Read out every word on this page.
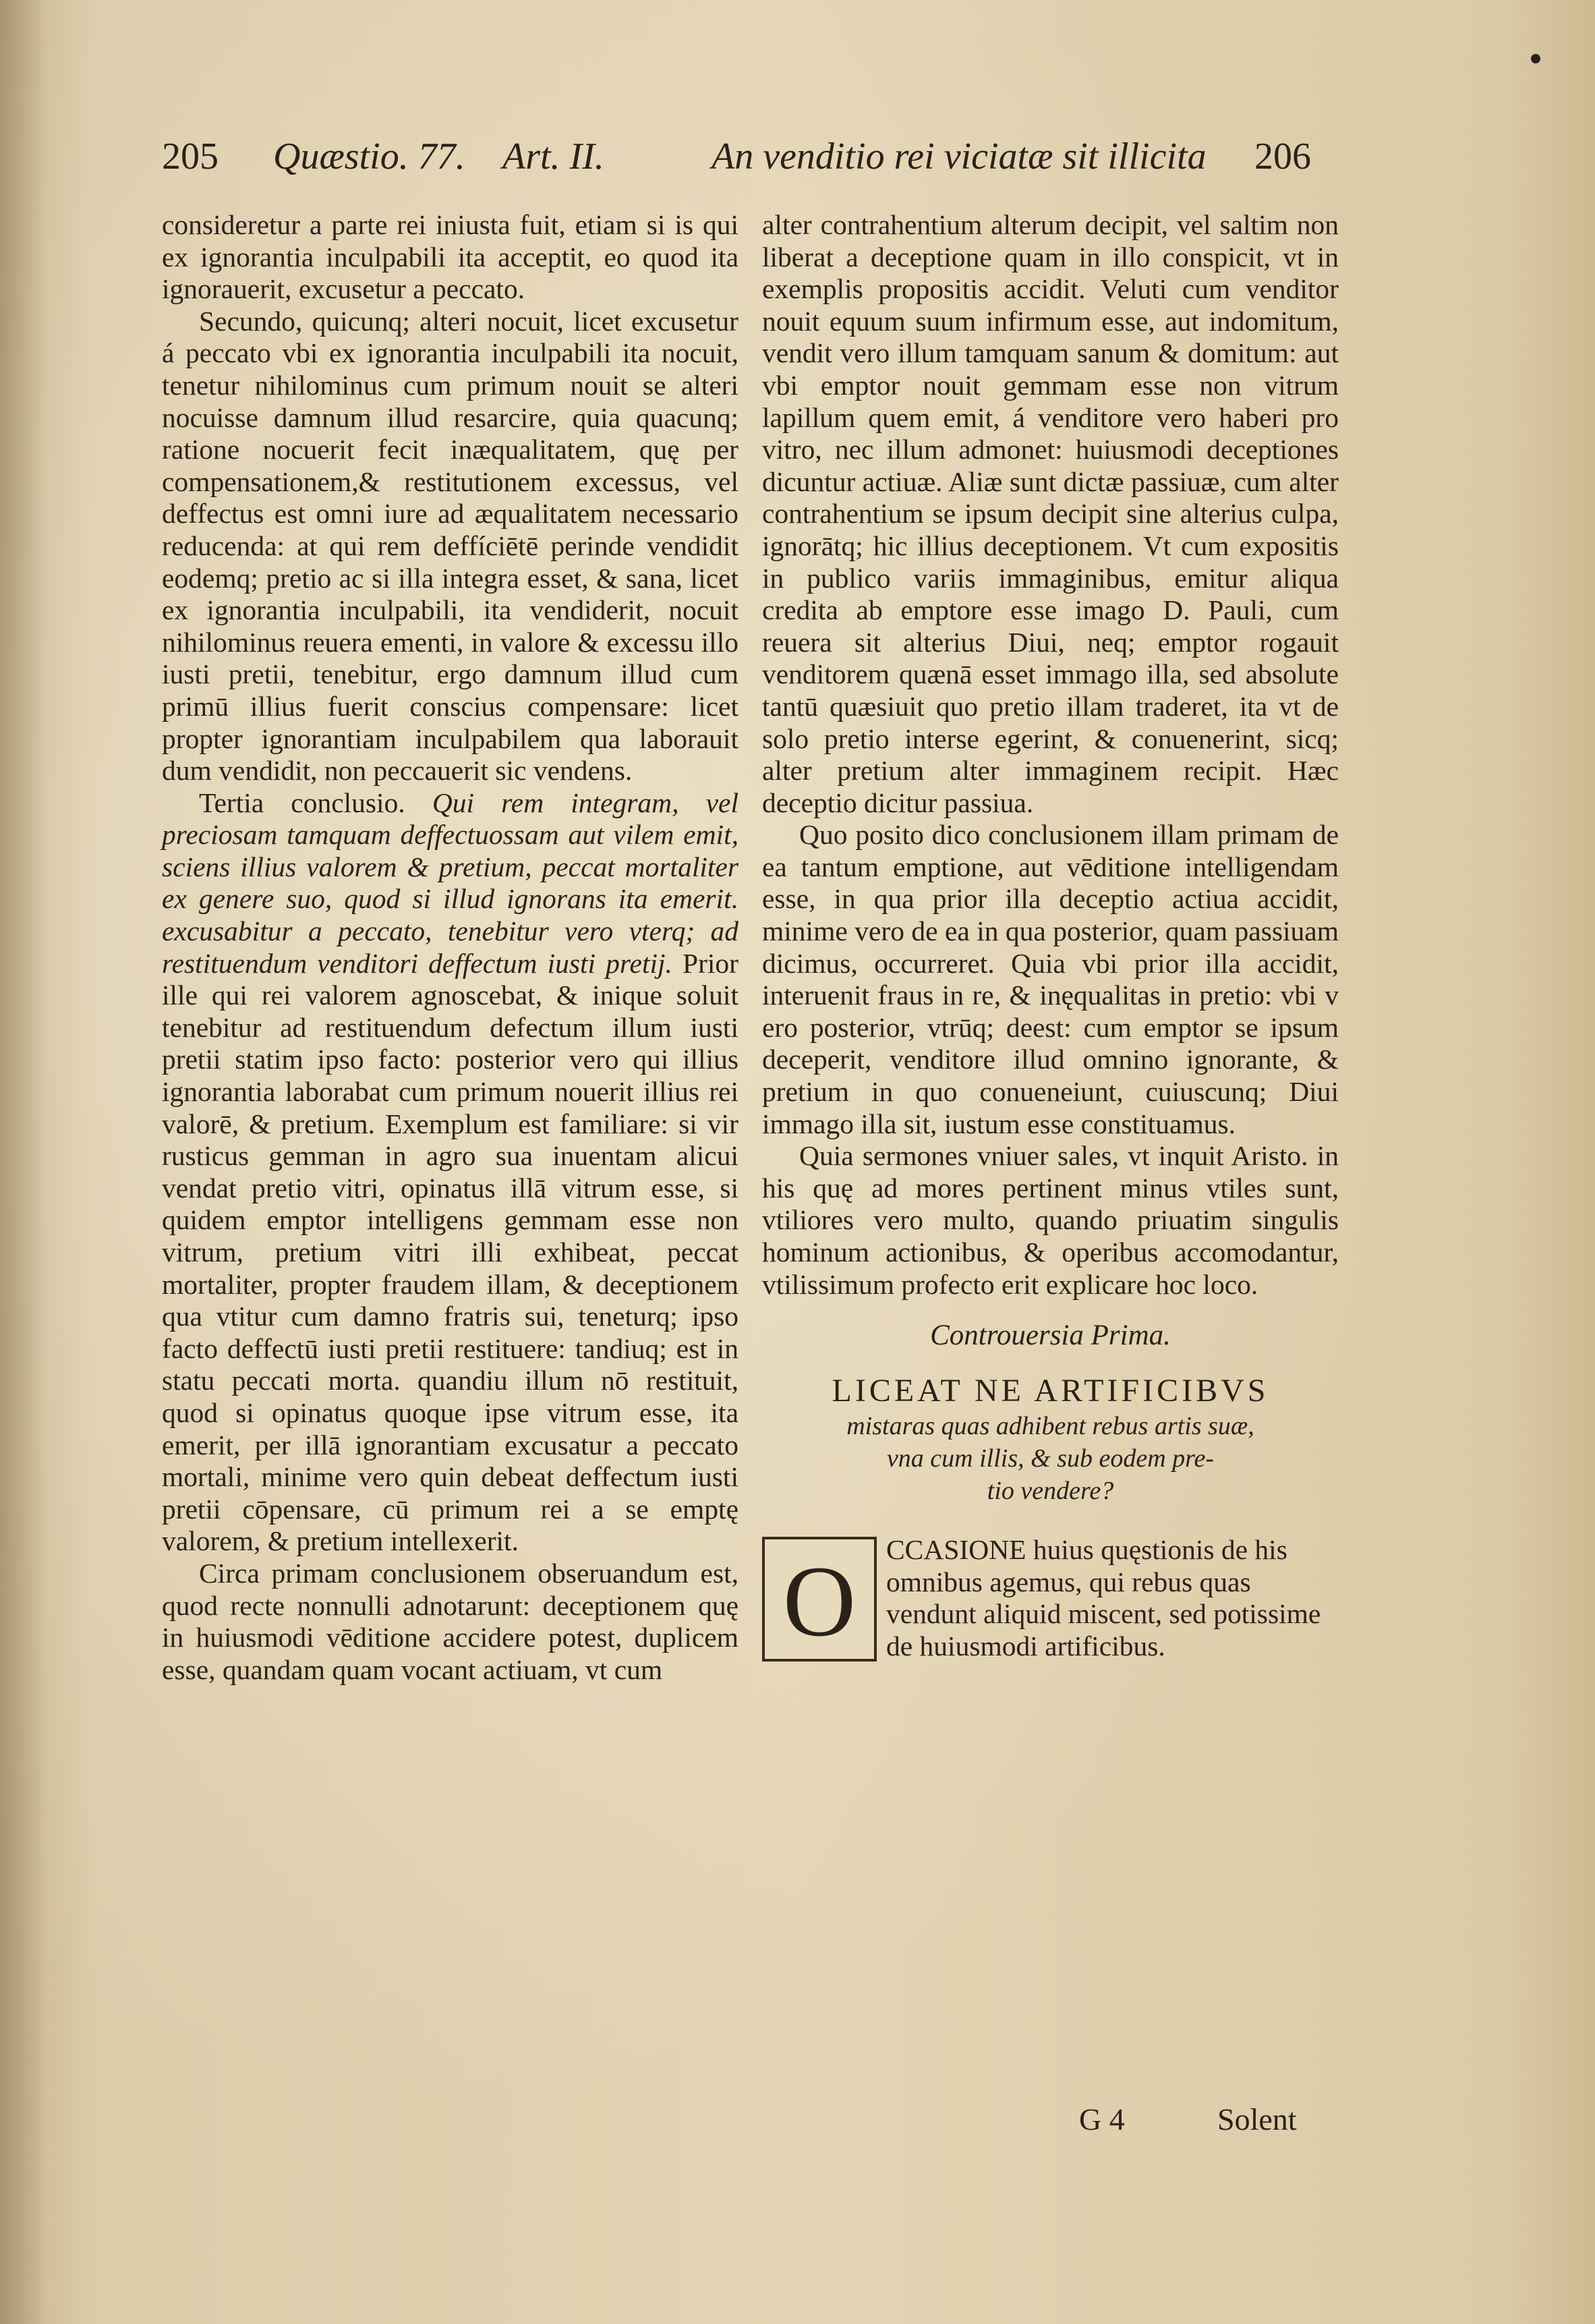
205 Quæstio. 77. Art. II.	An venditio rei viciatæ sit illicita 206

consideretur a parte rei iniusta fuit, etiam si is qui ex ignorantia inculpabili ita acceptit, eo quod ita ignorauerit, excusetur a peccato.

Secundo, quicunq; alteri nocuit, licet excusetur á peccato vbi ex ignorantia inculpabili ita nocuit, tenetur nihilominus cum primum nouit se alteri nocuisse damnum illud resarcire, quia quacunq; ratione nocuerit fecit inæqualitatem, quę per compensationem,& restitutionem excessus, vel deffectus est omni iure ad æqualitatem necessario reducenda: at qui rem deffíciētē perinde vendidit eodemq; pretio ac si illa integra esset, & sana, licet ex ignorantia inculpabili, ita vendiderit, nocuit nihilominus reuera ementi, in valore & excessu illo iusti pretii, tenebitur, ergo damnum illud cum primū illius fuerit conscius compensare: licet propter ignorantiam inculpabilem qua laborauit dum vendidit, non peccauerit sic vendens.

Tertia conclusio. Qui rem integram, vel preciosam tamquam deffectuossam aut vilem emit, sciens illius valorem & pretium, peccat mortaliter ex genere suo, quod si illud ignorans ita emerit. excusabitur a peccato, tenebitur vero vterq; ad restituendum venditori deffectum iusti pretij. Prior ille qui rei valorem agnoscebat, & inique soluit tenebitur ad restituendum defectum illum iusti pretii statim ipso facto: posterior vero qui illius ignorantia laborabat cum primum nouerit illius rei valorē, & pretium. Exemplum est familiare: si vir rusticus gemman in agro sua inuentam alicui vendat pretio vitri, opinatus illā vitrum esse, si quidem emptor intelligens gemmam esse non vitrum, pretium vitri illi exhibeat, peccat mortaliter, propter fraudem illam, & deceptionem qua vtitur cum damno fratris sui, teneturq; ipso facto deffectū iusti pretii restituere: tandiuq; est in statu peccati morta. quandiu illum nō restituit, quod si opinatus quoque ipse vitrum esse, ita emerit, per illā ignorantiam excusatur a peccato mortali, minime vero quin debeat deffectum iusti pretii cōpensare, cū primum rei a se emptę valorem, & pretium intellexerit.

Circa primam conclusionem obseruandum est, quod recte nonnulli adnotarunt: deceptionem quę in huiusmodi vēditione accidere potest, duplicem esse, quandam quam vocant actiuam, vt cum

alter contrahentium alterum decipit, vel saltim non liberat a deceptione quam in illo conspicit, vt in exemplis propositis accidit. Veluti cum venditor nouit equum suum infirmum esse, aut indomitum, vendit vero illum tamquam sanum & domitum: aut vbi emptor nouit gemmam esse non vitrum lapillum quem emit, á venditore vero haberi pro vitro, nec illum admonet: huiusmodi deceptiones dicuntur actiuæ. Aliæ sunt dictæ passiuæ, cum alter contrahentium se ipsum decipit sine alterius culpa, ignorātq; hic illius deceptionem. Vt cum expositis in publico variis immaginibus, emitur aliqua credita ab emptore esse imago D. Pauli, cum reuera sit alterius Diui, neq; emptor rogauit venditorem quænā esset immago illa, sed absolute tantū quæsiuit quo pretio illam traderet, ita vt de solo pretio interse egerint, & conuenerint, sicq; alter pretium alter immaginem recipit. Hæc deceptio dicitur passiua.

Quo posito dico conclusionem illam primam de ea tantum emptione, aut vēditione intelligendam esse, in qua prior illa deceptio actiua accidit, minime vero de ea in qua posterior, quam passiuam dicimus, occurreret. Quia vbi prior illa accidit, interuenit fraus in re, & inęqualitas in pretio: vbi v ero posterior, vtrūq; deest: cum emptor se ipsum deceperit, venditore illud omnino ignorante, & pretium in quo conueneiunt, cuiuscunq; Diui immago illa sit, iustum esse constituamus.

Quia sermones vniuer sales, vt inquit Aristo. in his quę ad mores pertinent minus vtiles sunt, vtiliores vero multo, quando priuatim singulis hominum actionibus, & operibus accomodantur, vtilissimum profecto erit explicare hoc loco.

Controuersia Prima.
LICEAT NE ARTIFICIBVS
mistaras quas adhibent rebus artis suæ,
vna cum illis, & sub eodem pre-
tio vendere?
O	CCASIONE huius quęstionis de his omnibus agemus, qui rebus quas vendunt aliquid miscent, sed potissime de huiusmodi artificibus.
G 4	Solent
